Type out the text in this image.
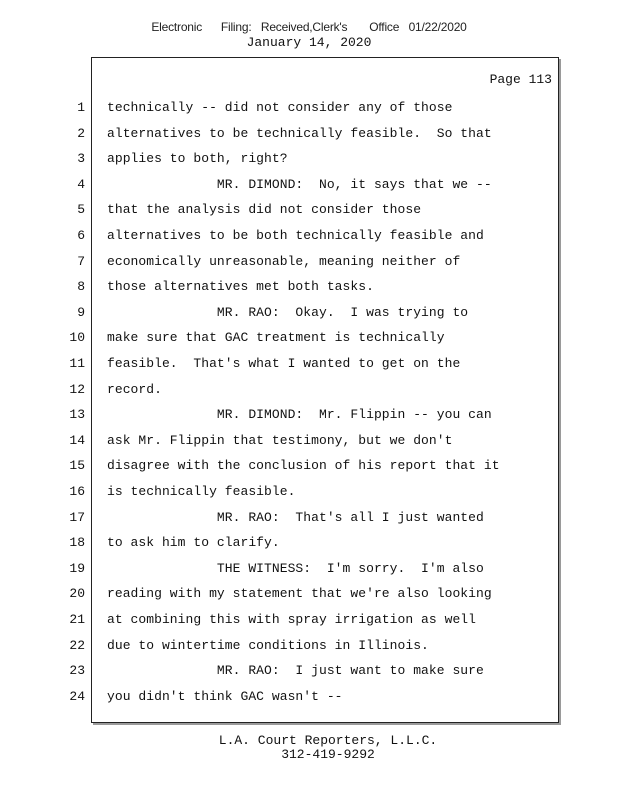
Electronic      Filing:   Received,Clerk's       Office   01/22/2020
January 14, 2020
Page 113
1
2
3
4
5
6
7
8
9
10
11
12
13
14
15
16
17
18
19
20
21
22
23
24
technically -- did not consider any of those
alternatives to be technically feasible.  So that
applies to both, right?
MR. DIMOND:  No, it says that we --
that the analysis did not consider those
alternatives to be both technically feasible and
economically unreasonable, meaning neither of
those alternatives met both tasks.
MR. RAO:  Okay.  I was trying to
make sure that GAC treatment is technically
feasible.  That's what I wanted to get on the
record.
MR. DIMOND:  Mr. Flippin -- you can
ask Mr. Flippin that testimony, but we don't
disagree with the conclusion of his report that it
is technically feasible.
MR. RAO:  That's all I just wanted
to ask him to clarify.
THE WITNESS:  I'm sorry.  I'm also
reading with my statement that we're also looking
at combining this with spray irrigation as well
due to wintertime conditions in Illinois.
MR. RAO:  I just want to make sure
you didn't think GAC wasn't --
L.A. Court Reporters, L.L.C.
312-419-9292
